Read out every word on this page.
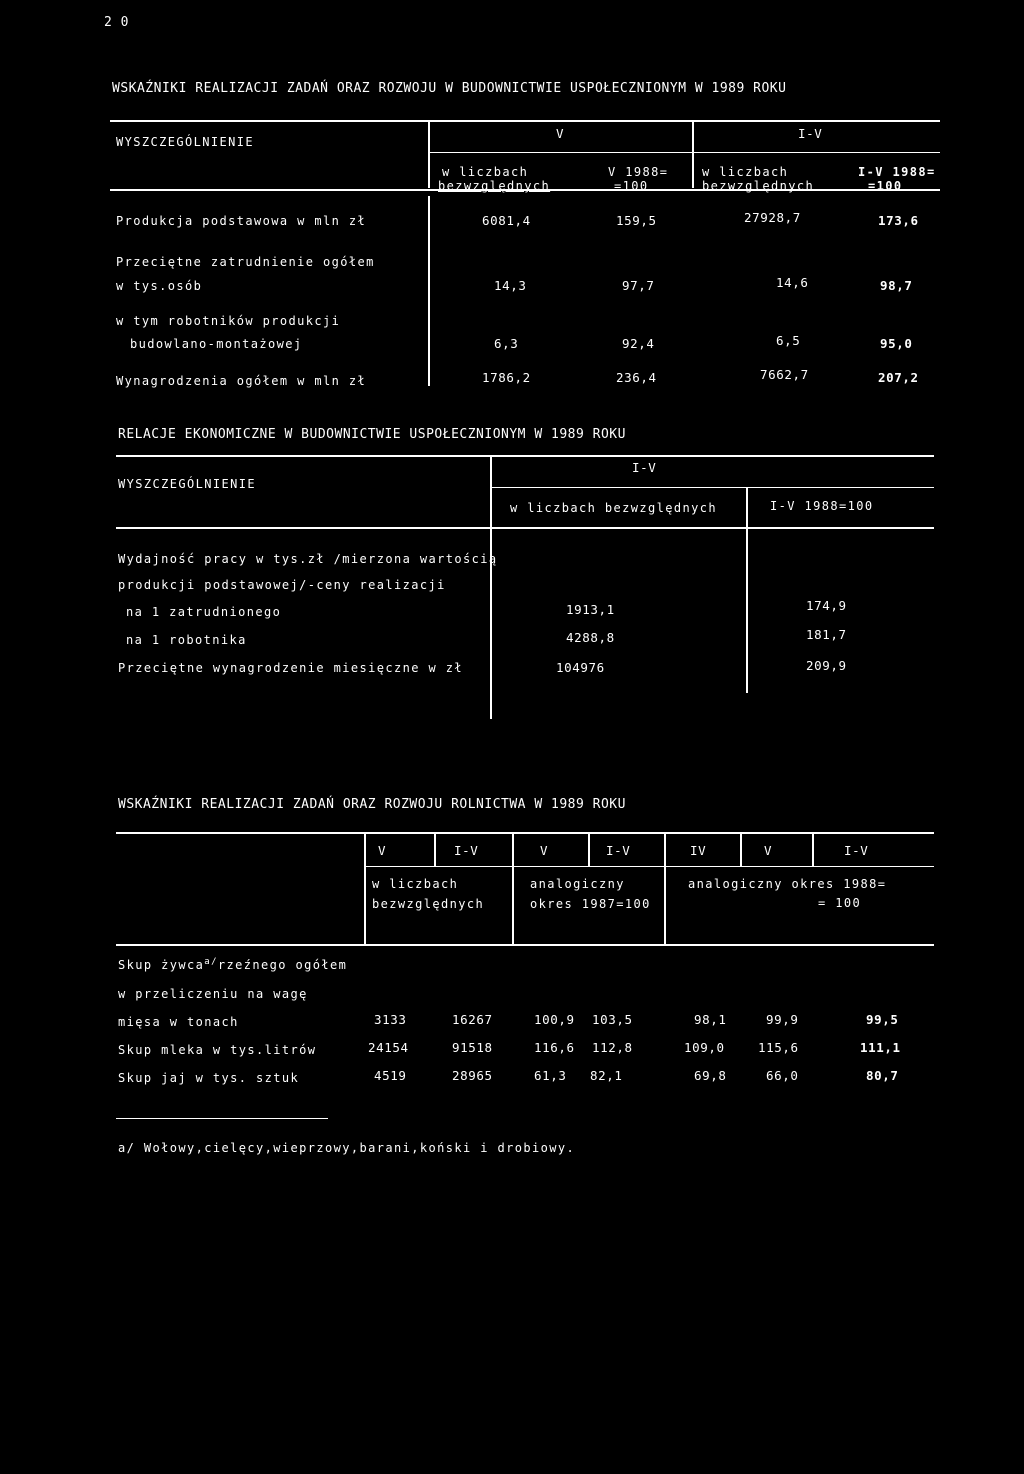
2 0
WSKAŹNIKI REALIZACJI ZADAŃ ORAZ ROZWOJU W BUDOWNICTWIE USPOŁECZNIONYM W 1989 ROKU
WYSZCZEGÓLNIENIE
V	I-V
w liczbach
bezwzględnych
V 1988=
=100
w liczbach
bezwzględnych
I-V 1988=
=100
Produkcja podstawowa w mln zł	6081,4	159,5	27928,7	173,6
Przeciętne zatrudnienie ogółem
w tys.osób	14,3	97,7	14,6	98,7
w tym robotników produkcji
budowlano-montażowej	6,3	92,4	6,5	95,0
Wynagrodzenia ogółem w mln zł	1786,2	236,4	7662,7	207,2
RELACJE EKONOMICZNE W BUDOWNICTWIE USPOŁECZNIONYM W 1989 ROKU
WYSZCZEGÓLNIENIE
I-V
w liczbach bezwzględnych	I-V 1988=100
Wydajność pracy w tys.zł /mierzona wartością
produkcji podstawowej/-ceny realizacji
na 1 zatrudnionego	1913,1	174,9
na 1 robotnika	4288,8	181,7
Przeciętne wynagrodzenie miesięczne w zł	104976	209,9
WSKAŹNIKI REALIZACJI ZADAŃ ORAZ ROZWOJU ROLNICTWA W 1989 ROKU
V	I-V	V	I-V	IV	V	I-V
w liczbach
bezwzględnych
analogiczny
okres 1987=100
analogiczny okres 1988=
= 100
Skup żywca$^{a/}$rzeźnego ogółem
w przeliczeniu na wagę
mięsa w tonach	3133	16267	100,9 103,5	98,1	99,9	99,5
Skup mleka w tys.litrów	24154	91518	116,6 112,8	109,0	115,6	111,1
Skup jaj w tys. sztuk	4519	28965	61,3 82,1	69,8	66,0	80,7
a/ Wołowy,cielęcy,wieprzowy,barani,koński i drobiowy.
